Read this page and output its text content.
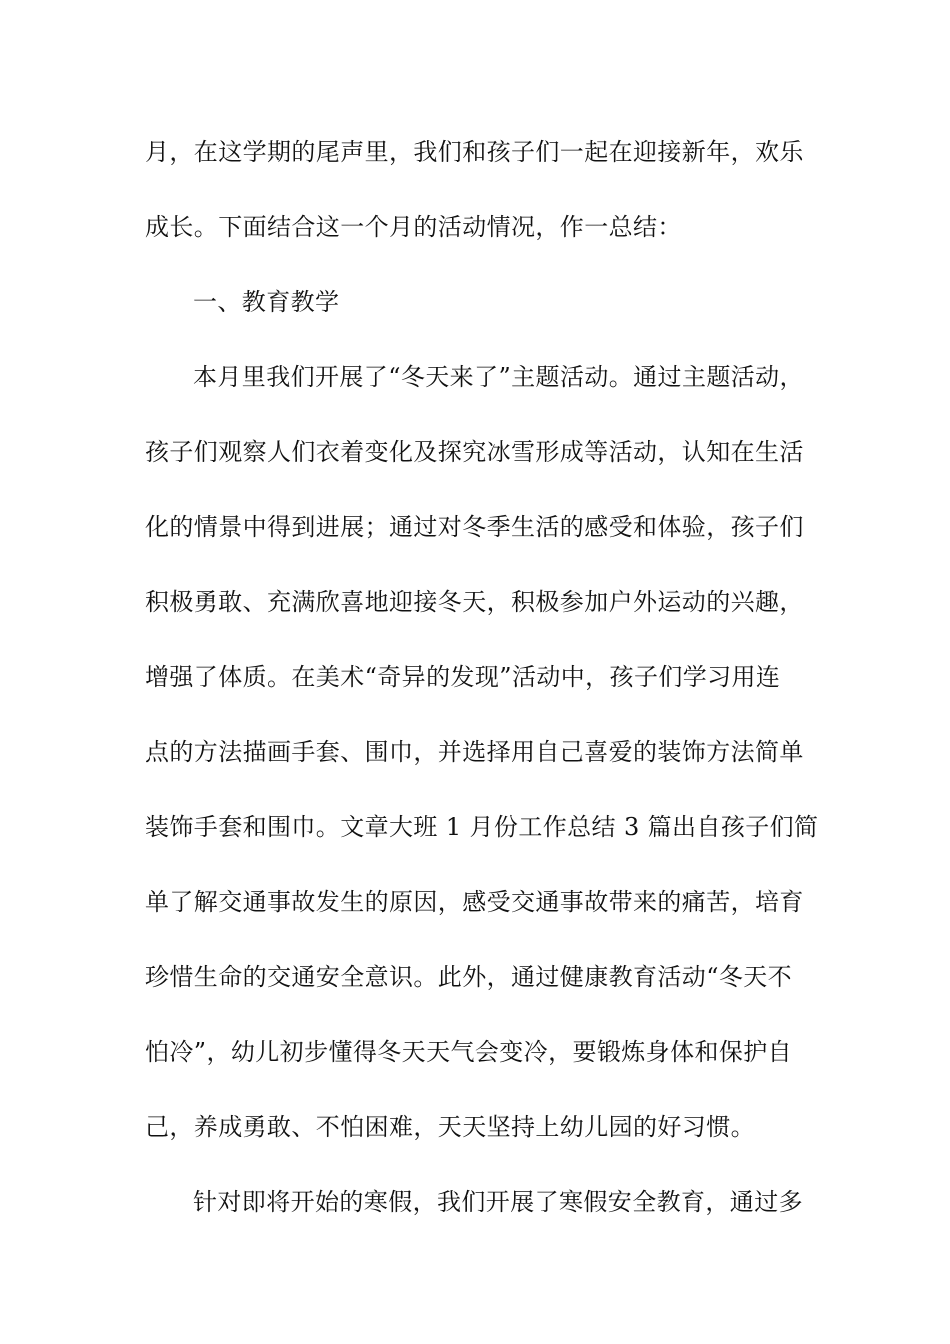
月，在这学期的尾声里，我们和孩子们一起在迎接新年，欢乐
成长。下面结合这一个月的活动情况，作一总结：
一、教育教学
本月里我们开展了“冬天来了”主题活动。通过主题活动，
孩子们观察人们衣着变化及探究冰雪形成等活动，认知在生活
化的情景中得到进展；通过对冬季生活的感受和体验，孩子们
积极勇敢、充满欣喜地迎接冬天，积极参加户外运动的兴趣，
增强了体质。在美术“奇异的发现”活动中，孩子们学习用连
点的方法描画手套、围巾，并选择用自己喜爱的装饰方法简单
装饰手套和围巾。文章大班 1 月份工作总结 3 篇出自孩子们简
单了解交通事故发生的原因，感受交通事故带来的痛苦，培育
珍惜生命的交通安全意识。此外，通过健康教育活动“冬天不
怕冷”，幼儿初步懂得冬天天气会变冷，要锻炼身体和保护自
己，养成勇敢、不怕困难，天天坚持上幼儿园的好习惯。
针对即将开始的寒假，我们开展了寒假安全教育，通过多
